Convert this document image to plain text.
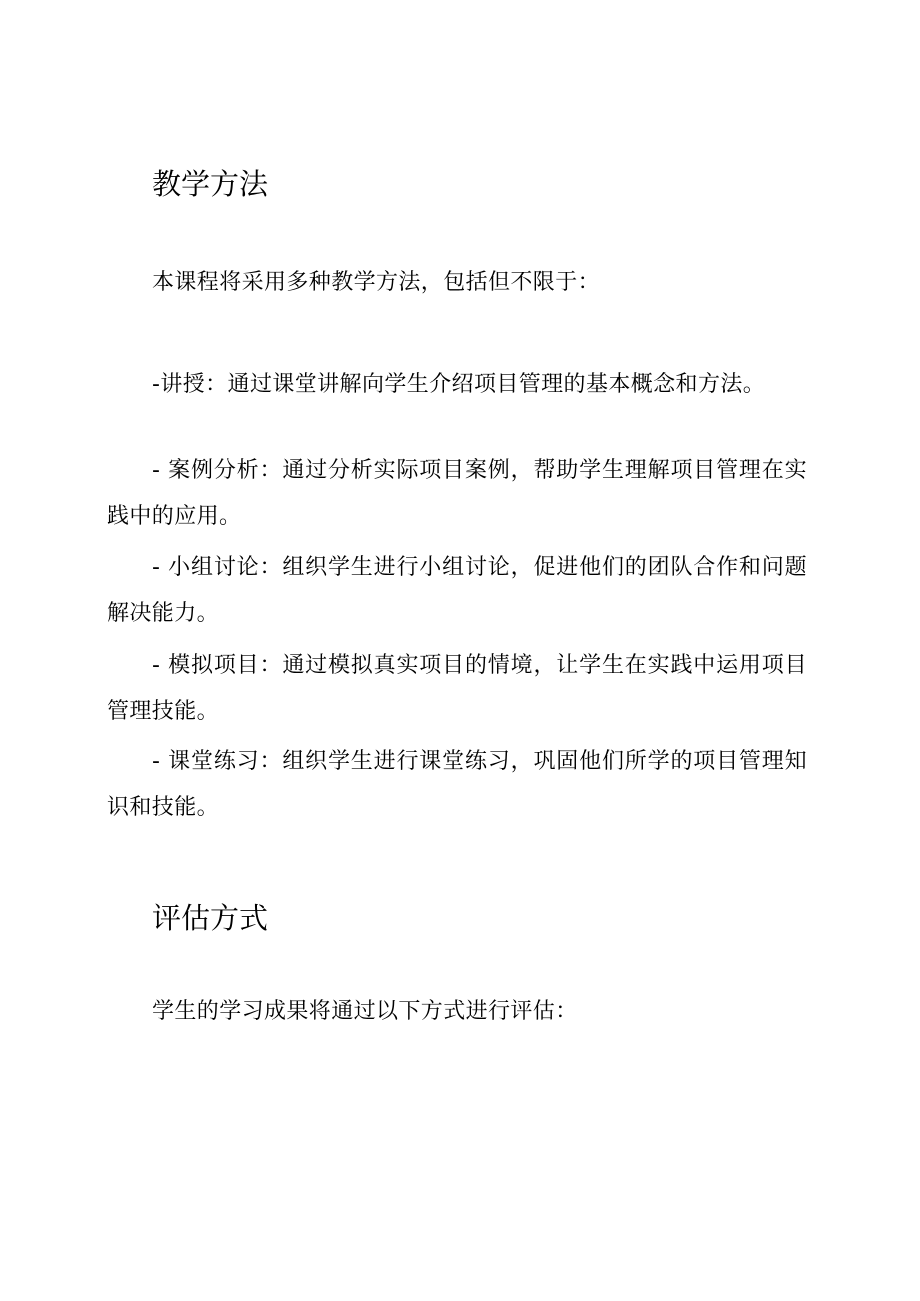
教学方法

本课程将采用多种教学方法，包括但不限于：

-讲授：通过课堂讲解向学生介绍项目管理的基本概念和方法。

- 案例分析：通过分析实际项目案例，帮助学生理解项目管理在实践中的应用。

- 小组讨论：组织学生进行小组讨论，促进他们的团队合作和问题解决能力。

- 模拟项目：通过模拟真实项目的情境，让学生在实践中运用项目管理技能。

- 课堂练习：组织学生进行课堂练习，巩固他们所学的项目管理知识和技能。

评估方式

学生的学习成果将通过以下方式进行评估：
